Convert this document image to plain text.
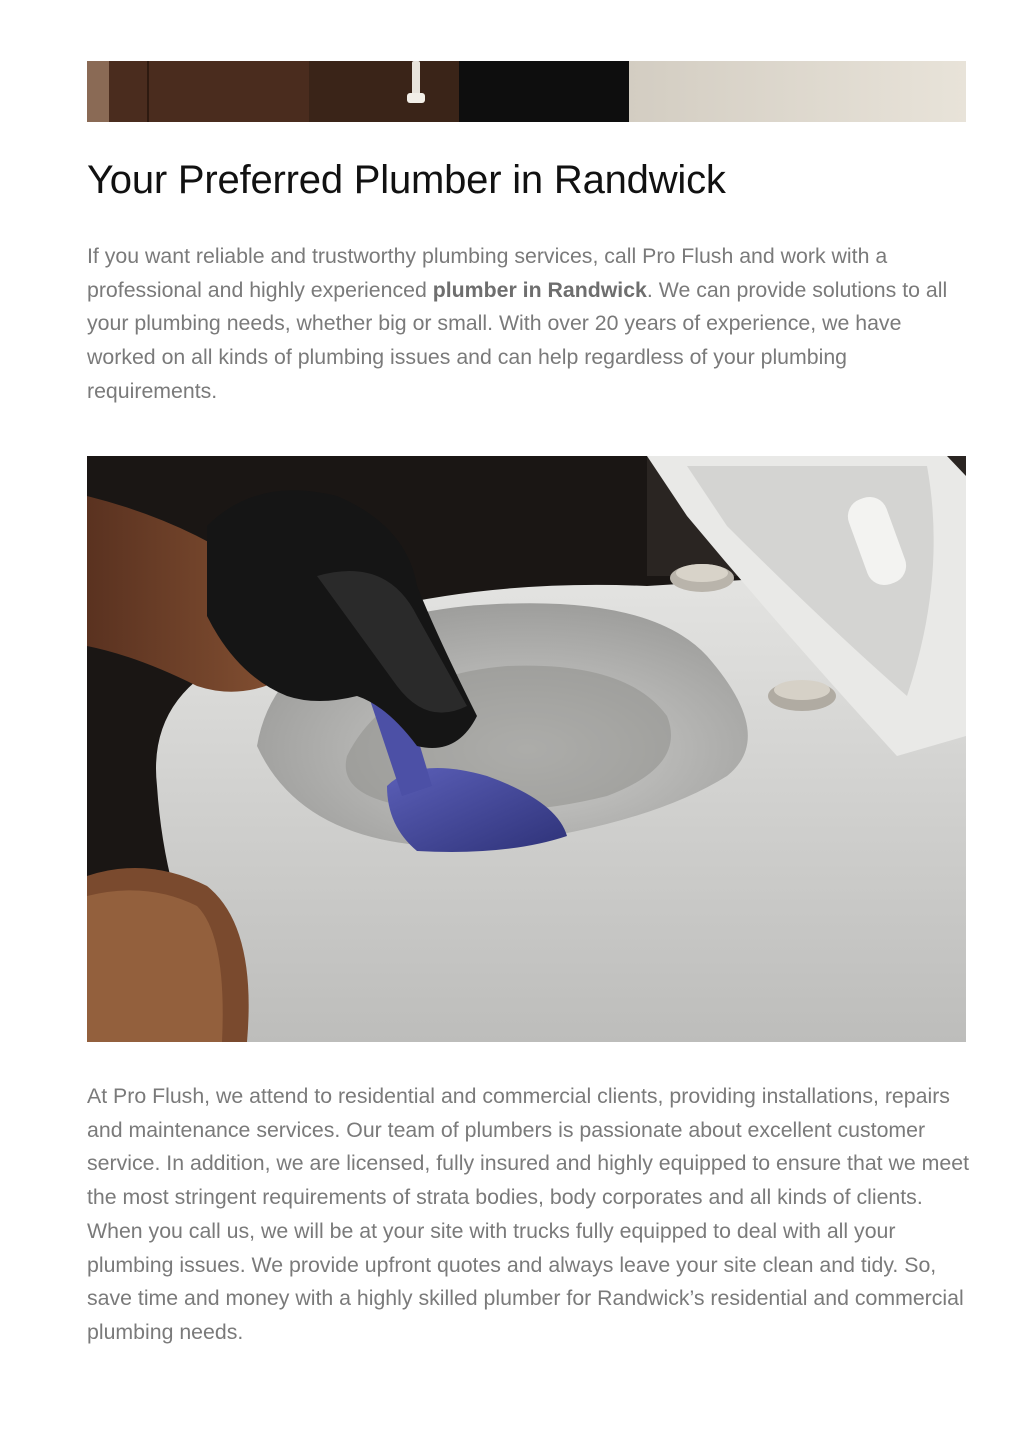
Your Preferred Plumber in Randwick

If you want reliable and trustworthy plumbing services, call Pro Flush and work with a professional and highly experienced plumber in Randwick. We can provide solutions to all your plumbing needs, whether big or small. With over 20 years of experience, we have worked on all kinds of plumbing issues and can help regardless of your plumbing requirements.

At Pro Flush, we attend to residential and commercial clients, providing installations, repairs and maintenance services. Our team of plumbers is passionate about excellent customer service. In addition, we are licensed, fully insured and highly equipped to ensure that we meet the most stringent requirements of strata bodies, body corporates and all kinds of clients. When you call us, we will be at your site with trucks fully equipped to deal with all your plumbing issues. We provide upfront quotes and always leave your site clean and tidy. So, save time and money with a highly skilled plumber for Randwick’s residential and commercial plumbing needs.
